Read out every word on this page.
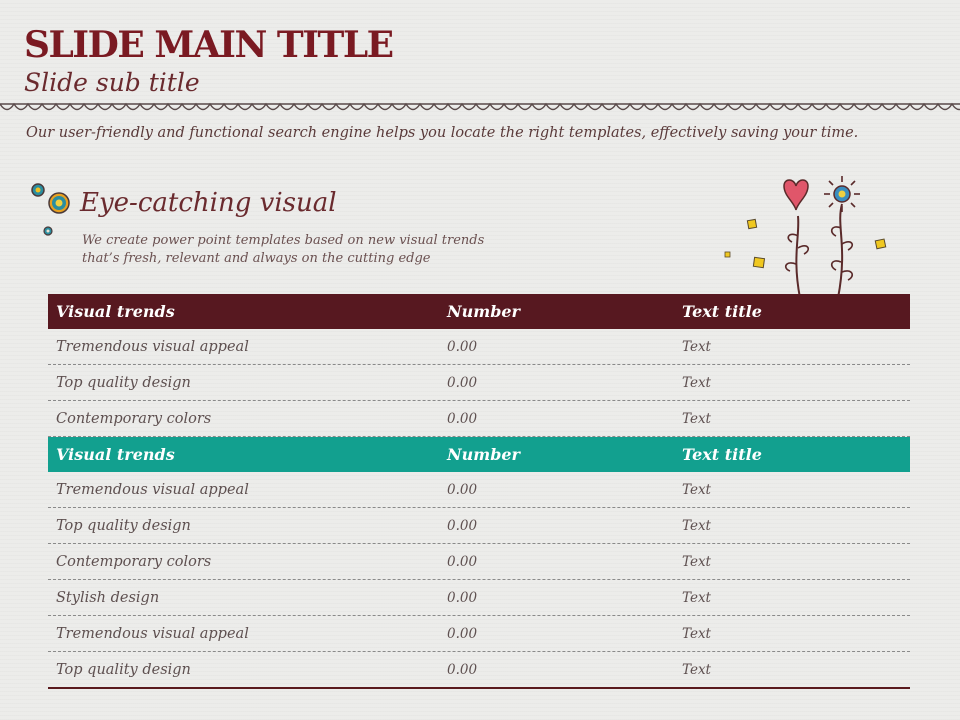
SLIDE MAIN TITLE
Slide sub title
Our user-friendly and functional search engine helps you locate the right templates, effectively saving your time.
Eye-catching visual
We create power point templates based on new visual trends
that’s fresh, relevant and always on the cutting edge
Visual trends	Number	Text title
Tremendous visual appeal	0.00	Text
Top quality design	0.00	Text
Contemporary colors	0.00	Text
Visual trends	Number	Text title
Tremendous visual appeal	0.00	Text
Top quality design	0.00	Text
Contemporary colors	0.00	Text
Stylish design	0.00	Text
Tremendous visual appeal	0.00	Text
Top quality design	0.00	Text
